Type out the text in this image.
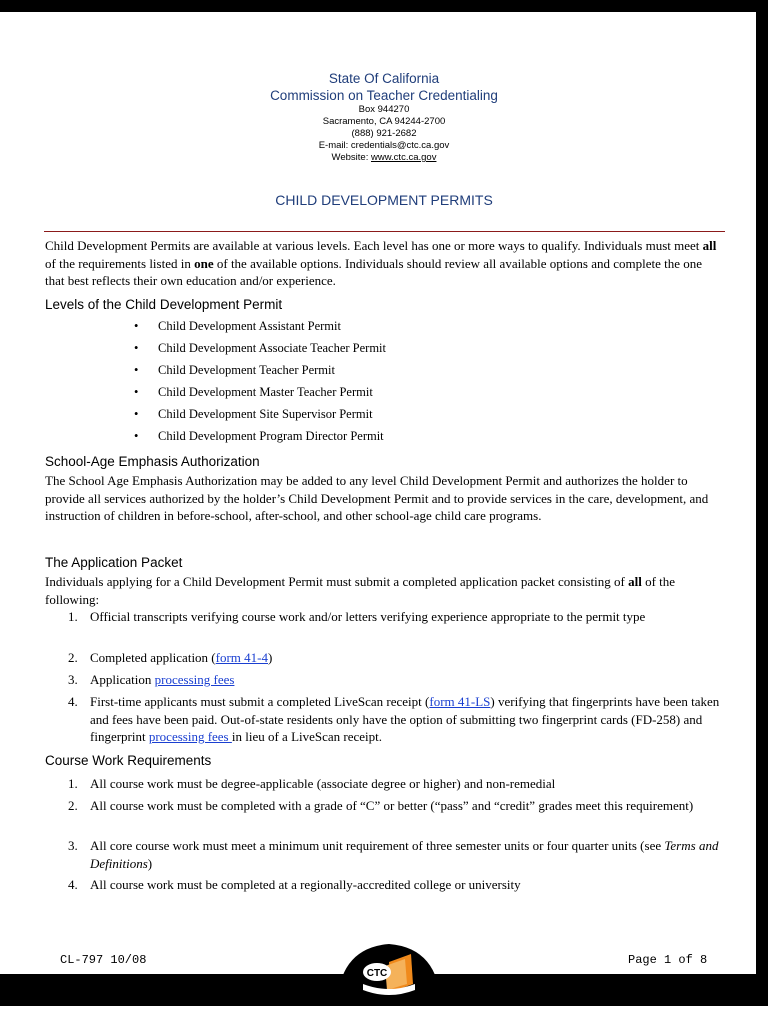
State Of California
Commission on Teacher Credentialing
Box 944270
Sacramento, CA 94244-2700
(888) 921-2682
E-mail: credentials@ctc.ca.gov
Website: www.ctc.ca.gov
CHILD DEVELOPMENT PERMITS
Child Development Permits are available at various levels. Each level has one or more ways to qualify. Individuals must meet all of the requirements listed in one of the available options. Individuals should review all available options and complete the one that best reflects their own education and/or experience.
Levels of the Child Development Permit
• Child Development Assistant Permit
• Child Development Associate Teacher Permit
• Child Development Teacher Permit
• Child Development Master Teacher Permit
• Child Development Site Supervisor Permit
• Child Development Program Director Permit
School-Age Emphasis Authorization
The School Age Emphasis Authorization may be added to any level Child Development Permit and authorizes the holder to provide all services authorized by the holder’s Child Development Permit and to provide services in the care, development, and instruction of children in before-school, after-school, and other school-age child care programs.
The Application Packet
Individuals applying for a Child Development Permit must submit a completed application packet consisting of all of the following:
1. Official transcripts verifying course work and/or letters verifying experience appropriate to the permit type
2. Completed application (form 41-4)
3. Application processing fees
4. First-time applicants must submit a completed LiveScan receipt (form 41-LS) verifying that fingerprints have been taken and fees have been paid. Out-of-state residents only have the option of submitting two fingerprint cards (FD-258) and fingerprint processing fees in lieu of a LiveScan receipt.
Course Work Requirements
1. All course work must be degree-applicable (associate degree or higher) and non-remedial
2. All course work must be completed with a grade of “C” or better (“pass” and “credit” grades meet this requirement)
3. All core course work must meet a minimum unit requirement of three semester units or four quarter units (see Terms and Definitions)
4. All course work must be completed at a regionally-accredited college or university
CL-797 10/08	Page 1 of 8
CTC
